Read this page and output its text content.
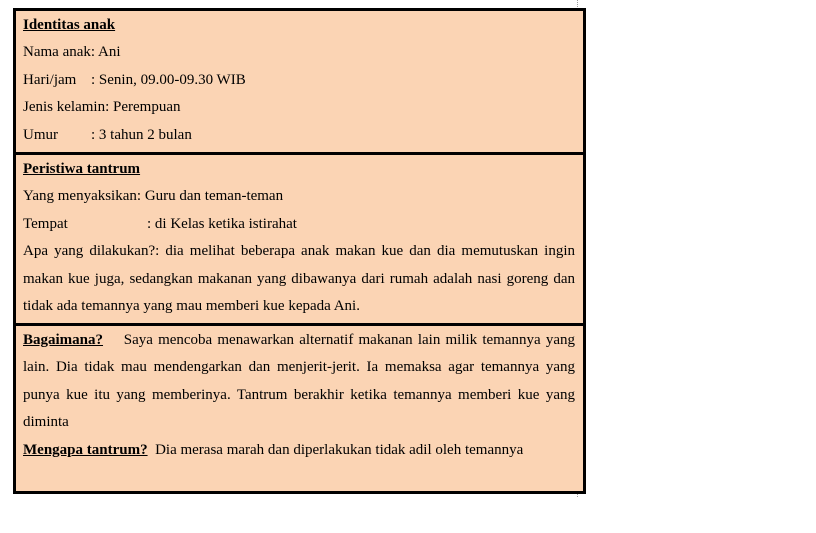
Identitas anak
Nama anak: Ani
Hari/jam : Senin, 09.00-09.30 WIB
Jenis kelamin: Perempuan
Umur : 3 tahun 2 bulan
Peristiwa tantrum
Yang menyaksikan: Guru dan teman-teman
Tempat	: di Kelas ketika istirahat

Apa yang dilakukan?: dia melihat beberapa anak makan kue dan dia memutuskan ingin makan kue juga, sedangkan makanan yang dibawanya dari rumah adalah nasi goreng dan tidak ada temannya yang mau memberi kue kepada Ani.

Bagaimana? Saya mencoba menawarkan alternatif makanan lain milik temannya yang lain. Dia tidak mau mendengarkan dan menjerit-jerit. Ia memaksa agar temannya yang punya kue itu yang memberinya. Tantrum berakhir ketika temannya memberi kue yang diminta

Mengapa tantrum? Dia merasa marah dan diperlakukan tidak adil oleh temannya
